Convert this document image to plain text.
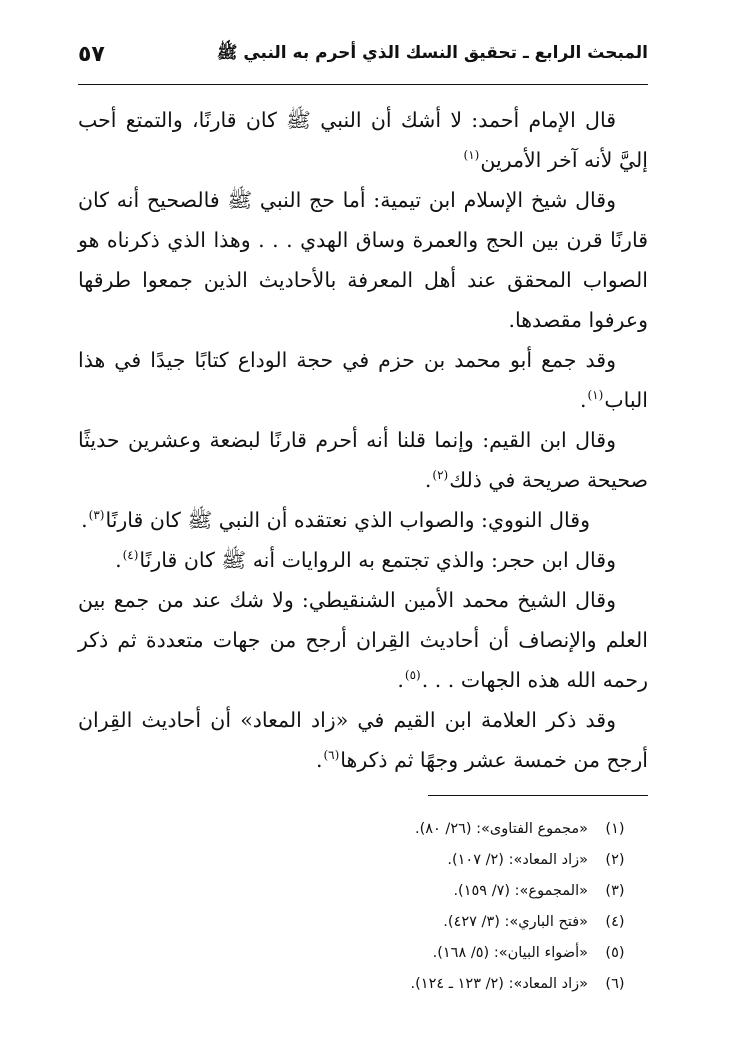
المبحث الرابع ـ تحقيق النسك الذي أحرم به النبي ﷺ
٥٧

قال الإمام أحمد: لا أشك أن النبي ﷺ كان قارنًا، والتمتع أحب إليَّ لأنه آخر الأمرين$^{(١)}$

وقال شيخ الإسلام ابن تيمية: أما حج النبي ﷺ فالصحيح أنه كان قارنًا قرن بين الحج والعمرة وساق الهدي . . . وهذا الذي ذكرناه هو الصواب المحقق عند أهل المعرفة بالأحاديث الذين جمعوا طرقها وعرفوا مقصدها.

وقد جمع أبو محمد بن حزم في حجة الوداع كتابًا جيدًا في هذا الباب$^{(١)}$.

وقال ابن القيم: وإنما قلنا أنه أحرم قارنًا لبضعة وعشرين حديثًا صحيحة صريحة في ذلك$^{(٢)}$.

وقال النووي: والصواب الذي نعتقده أن النبي ﷺ كان قارنًا$^{(٣)}$.

وقال ابن حجر: والذي تجتمع به الروايات أنه ﷺ كان قارنًا$^{(٤)}$.

وقال الشيخ محمد الأمين الشنقيطي: ولا شك عند من جمع بين العلم والإنصاف أن أحاديث القِران أرجح من جهات متعددة ثم ذكر رحمه الله هذه الجهات . . .$^{(٥)}$.

وقد ذكر العلامة ابن القيم في «زاد المعاد» أن أحاديث القِران أرجح من خمسة عشر وجهًا ثم ذكرها$^{(٦)}$.

(١)
«مجموع الفتاوى»: (٢٦/ ٨٠).
(٢)
«زاد المعاد»: (٢/ ١٠٧).
(٣)
«المجموع»: (٧/ ١٥٩).
(٤)
«فتح الباري»: (٣/ ٤٢٧).
(٥)
«أضواء البيان»: (٥/ ١٦٨).
(٦)
«زاد المعاد»: (٢/ ١٢٣ ـ ١٢٤).
